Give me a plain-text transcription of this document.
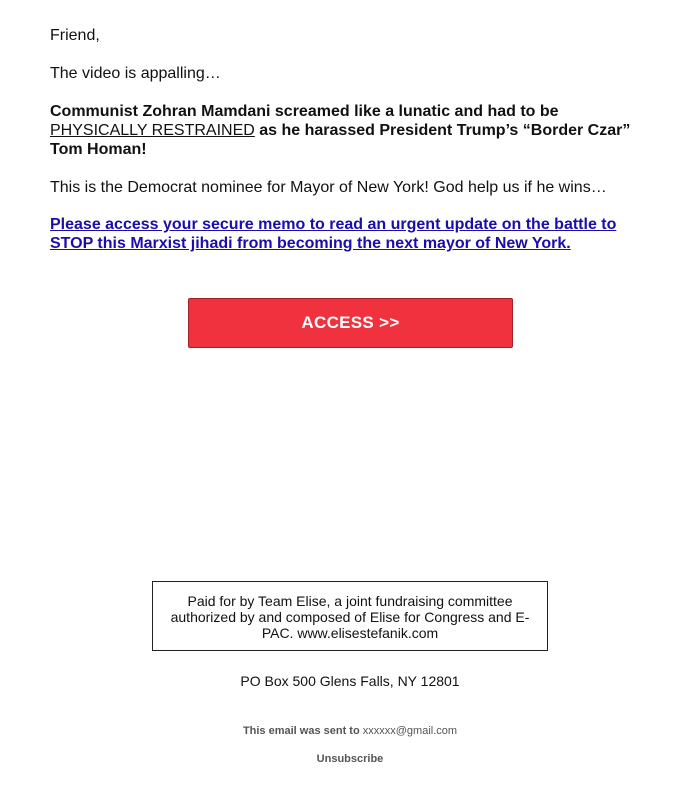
Friend,

The video is appalling…

Communist Zohran Mamdani screamed like a lunatic and had to be PHYSICALLY RESTRAINED as he harassed President Trump’s “Border Czar” Tom Homan!

This is the Democrat nominee for Mayor of New York! God help us if he wins…

Please access your secure memo to read an urgent update on the battle to STOP this Marxist jihadi from becoming the next mayor of New York.
ACCESS >>
Paid for by Team Elise, a joint fundraising committee authorized by and composed of Elise for Congress and E-PAC. www.elisestefanik.com
PO Box 500 Glens Falls, NY 12801
This email was sent to xxxxxx@gmail.com
Unsubscribe
